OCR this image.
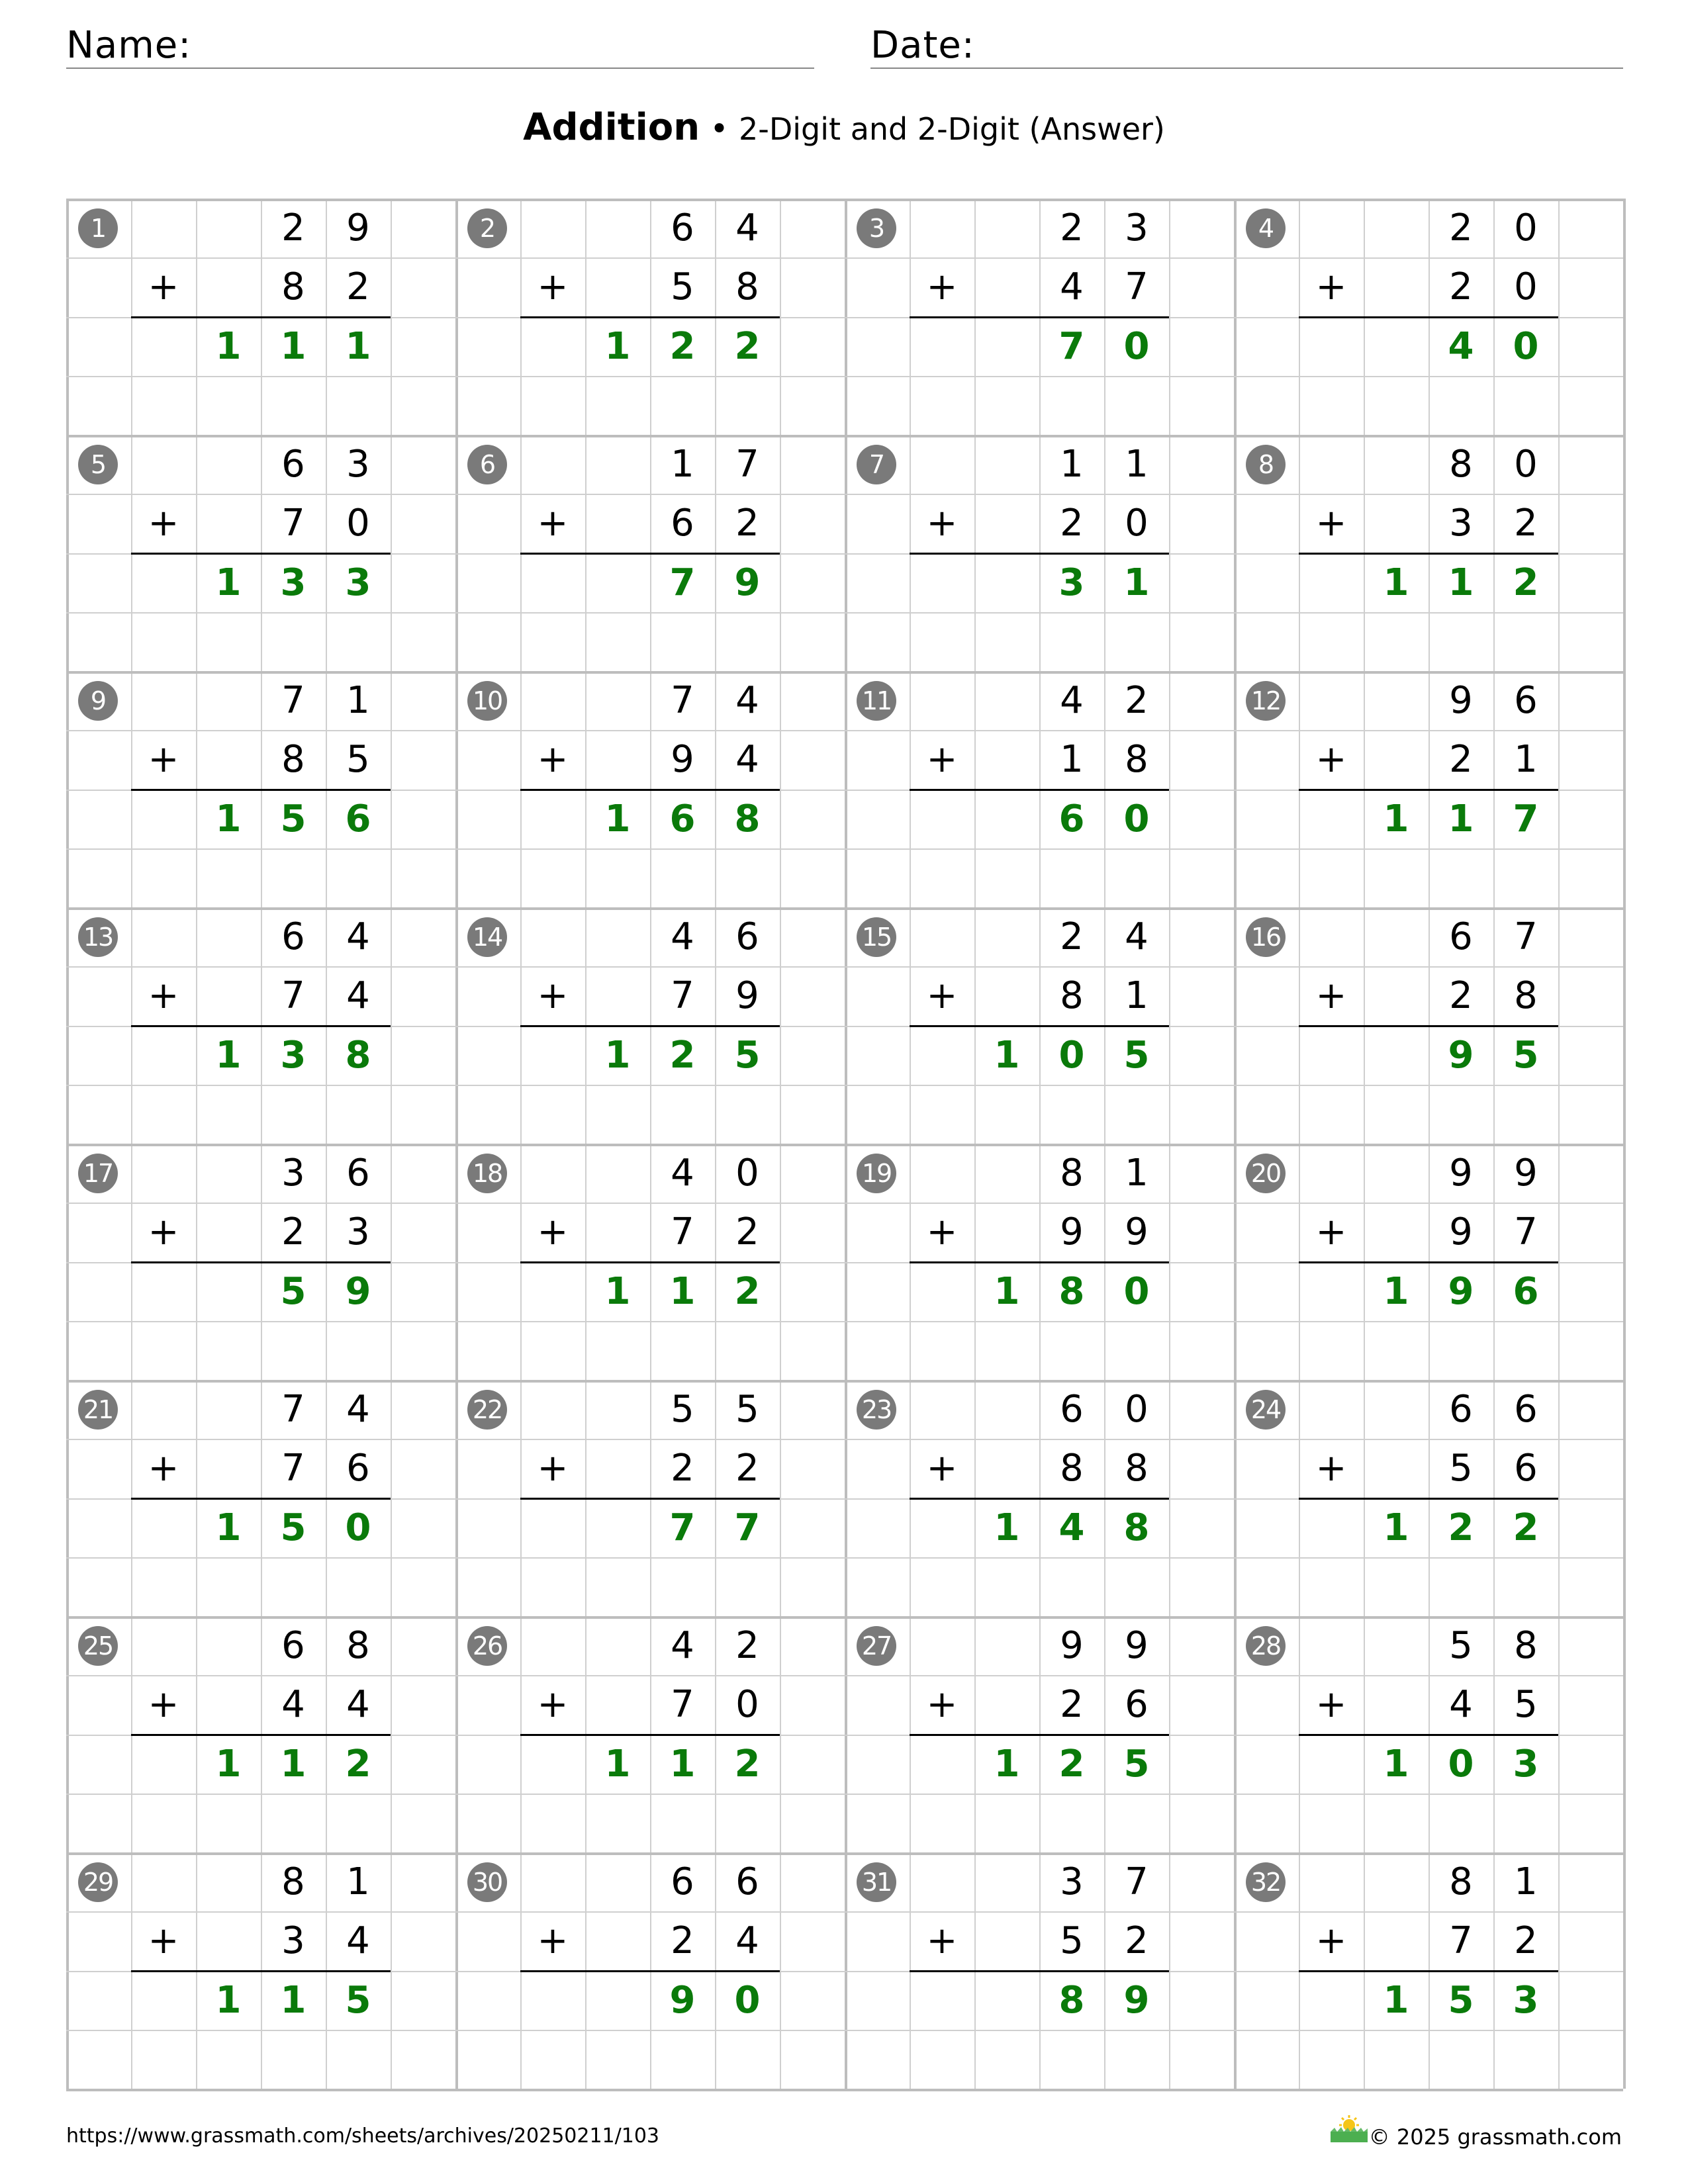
Name:	Date:
Addition • 2-Digit and 2-Digit (Answer)
1	2	9
+	8	2
1	1	1
2	6	4
+	5	8
1	2	2
3	2	3
+	4	7
7	0
4	2	0
+	2	0
4	0
5	6	3
+	7	0
1	3	3
6	1	7
+	6	2
7	9
7	1	1
+	2	0
3	1
8	8	0
+	3	2
1	1	2
9	7	1
+	8	5
1	5	6
10	7	4
+	9	4
1	6	8
11	4	2
+	1	8
6	0
12	9	6
+	2	1
1	1	7
13	6	4
+	7	4
1	3	8
14	4	6
+	7	9
1	2	5
15	2	4
+	8	1
1	0	5
16	6	7
+	2	8
9	5
17	3	6
+	2	3
5	9
18	4	0
+	7	2
1	1	2
19	8	1
+	9	9
1	8	0
20	9	9
+	9	7
1	9	6
21	7	4
+	7	6
1	5	0
22	5	5
+	2	2
7	7
23	6	0
+	8	8
1	4	8
24	6	6
+	5	6
1	2	2
25	6	8
+	4	4
1	1	2
26	4	2
+	7	0
1	1	2
27	9	9
+	2	6
1	2	5
28	5	8
+	4	5
1	0	3
29	8	1
+	3	4
1	1	5
30	6	6
+	2	4
9	0
31	3	7
+	5	2
8	9
32	8	1
+	7	2
1	5	3
https://www.grassmath.com/sheets/archives/20250211/103	© 2025 grassmath.com
